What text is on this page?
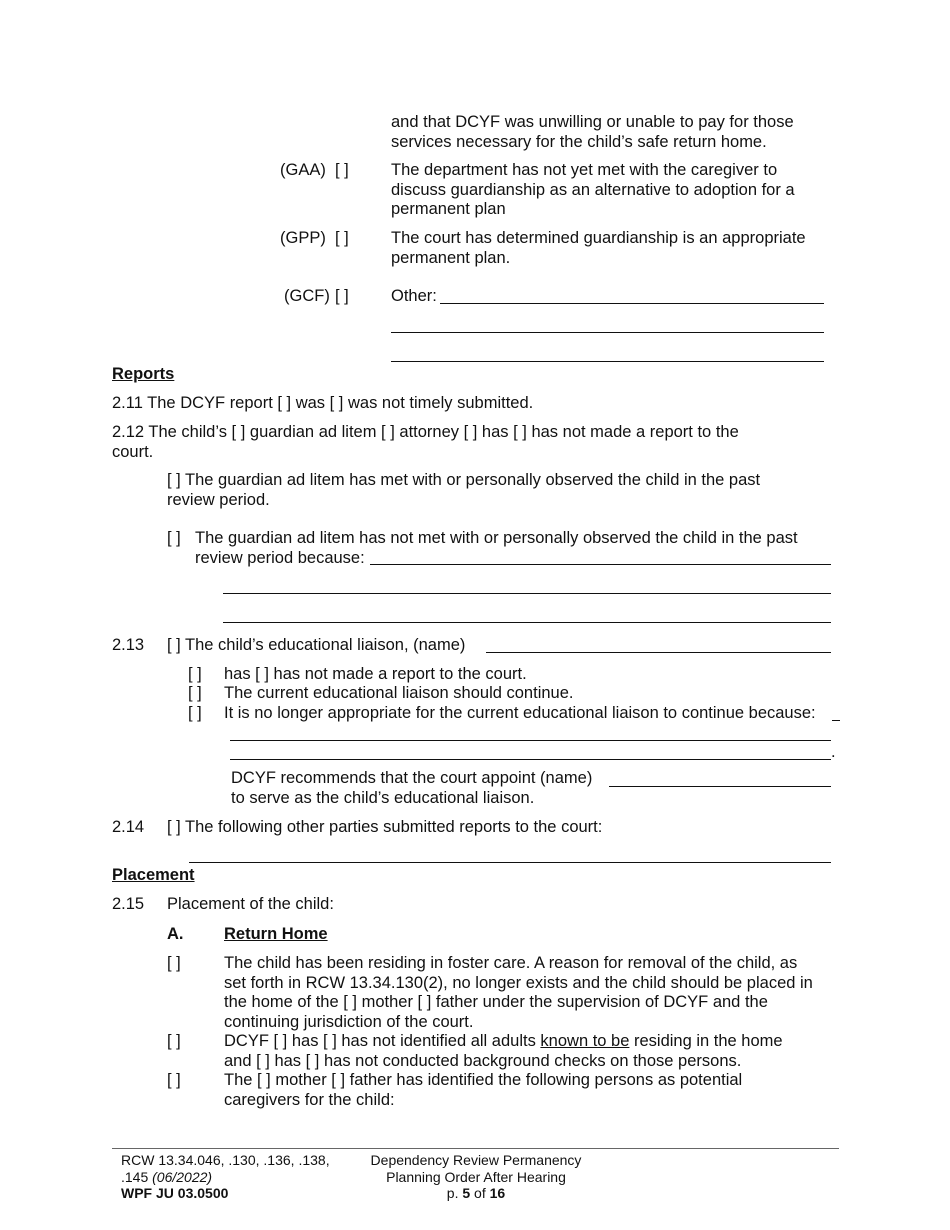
and that DCYF was unwilling or unable to pay for those
services necessary for the child’s safe return home.
(GAA) [ ]	The department has not yet met with the caregiver to
discuss guardianship as an alternative to adoption for a
permanent plan
(GPP) [ ]	The court has determined guardianship is an appropriate
permanent plan.
(GCF) [ ]	Other:
Reports
2.11 The DCYF report [ ] was [ ] was not timely submitted.
2.12 The child’s [ ] guardian ad litem [ ] attorney [ ] has [ ] has not made a report to the
court.
[ ] The guardian ad litem has met with or personally observed the child in the past
review period.
[ ] The guardian ad litem has not met with or personally observed the child in the past
review period because:
2.13 [ ] The child’s educational liaison, (name)
[ ] has [ ] has not made a report to the court.
[ ] The current educational liaison should continue.
[ ] It is no longer appropriate for the current educational liaison to continue because:
.
DCYF recommends that the court appoint (name)
to serve as the child’s educational liaison.
2.14 [ ] The following other parties submitted reports to the court:
Placement
2.15 Placement of the child:
A. Return Home
[ ]	The child has been residing in foster care. A reason for removal of the child, as
set forth in RCW 13.34.130(2), no longer exists and the child should be placed in
the home of the [ ] mother [ ] father under the supervision of DCYF and the
continuing jurisdiction of the court.
[ ]	DCYF [ ] has [ ] has not identified all adults known to be residing in the home
and [ ] has [ ] has not conducted background checks on those persons.
[ ]	The [ ] mother [ ] father has identified the following persons as potential
caregivers for the child:
RCW 13.34.046, .130, .136, .138,
.145 (06/2022)
WPF JU 03.0500
Dependency Review Permanency
Planning Order After Hearing
p. 5 of 16
